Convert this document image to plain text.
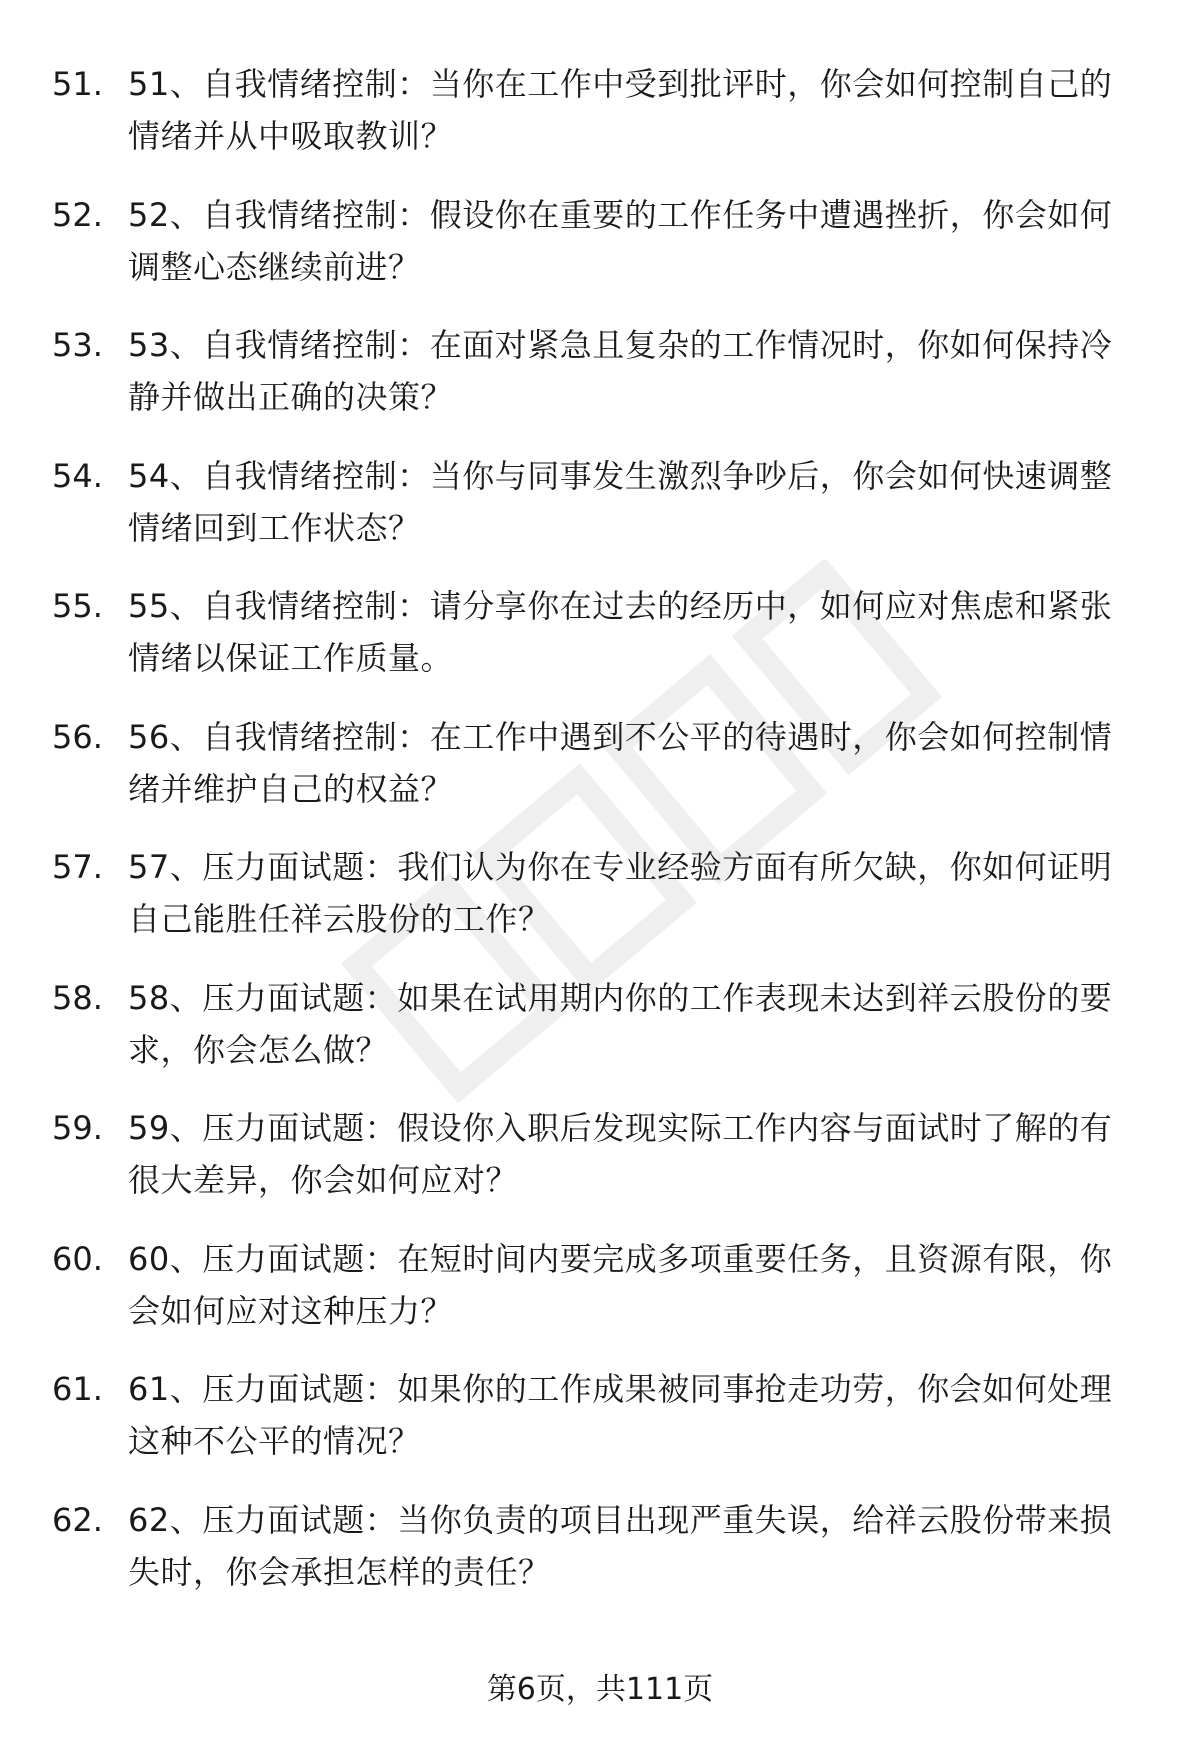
51. 51、自我情绪控制：当你在工作中受到批评时，你会如何控制自己的情绪并从中吸取教训？
52. 52、自我情绪控制：假设你在重要的工作任务中遭遇挫折，你会如何调整心态继续前进？
53. 53、自我情绪控制：在面对紧急且复杂的工作情况时，你如何保持冷静并做出正确的决策？
54. 54、自我情绪控制：当你与同事发生激烈争吵后，你会如何快速调整情绪回到工作状态？
55. 55、自我情绪控制：请分享你在过去的经历中，如何应对焦虑和紧张情绪以保证工作质量。
56. 56、自我情绪控制：在工作中遇到不公平的待遇时，你会如何控制情绪并维护自己的权益？
57. 57、压力面试题：我们认为你在专业经验方面有所欠缺，你如何证明自己能胜任祥云股份的工作？
58. 58、压力面试题：如果在试用期内你的工作表现未达到祥云股份的要求，你会怎么做？
59. 59、压力面试题：假设你入职后发现实际工作内容与面试时了解的有很大差异，你会如何应对？
60. 60、压力面试题：在短时间内要完成多项重要任务，且资源有限，你会如何应对这种压力？
61. 61、压力面试题：如果你的工作成果被同事抢走功劳，你会如何处理这种不公平的情况？
62. 62、压力面试题：当你负责的项目出现严重失误，给祥云股份带来损失时，你会承担怎样的责任？
第6页，共111页
